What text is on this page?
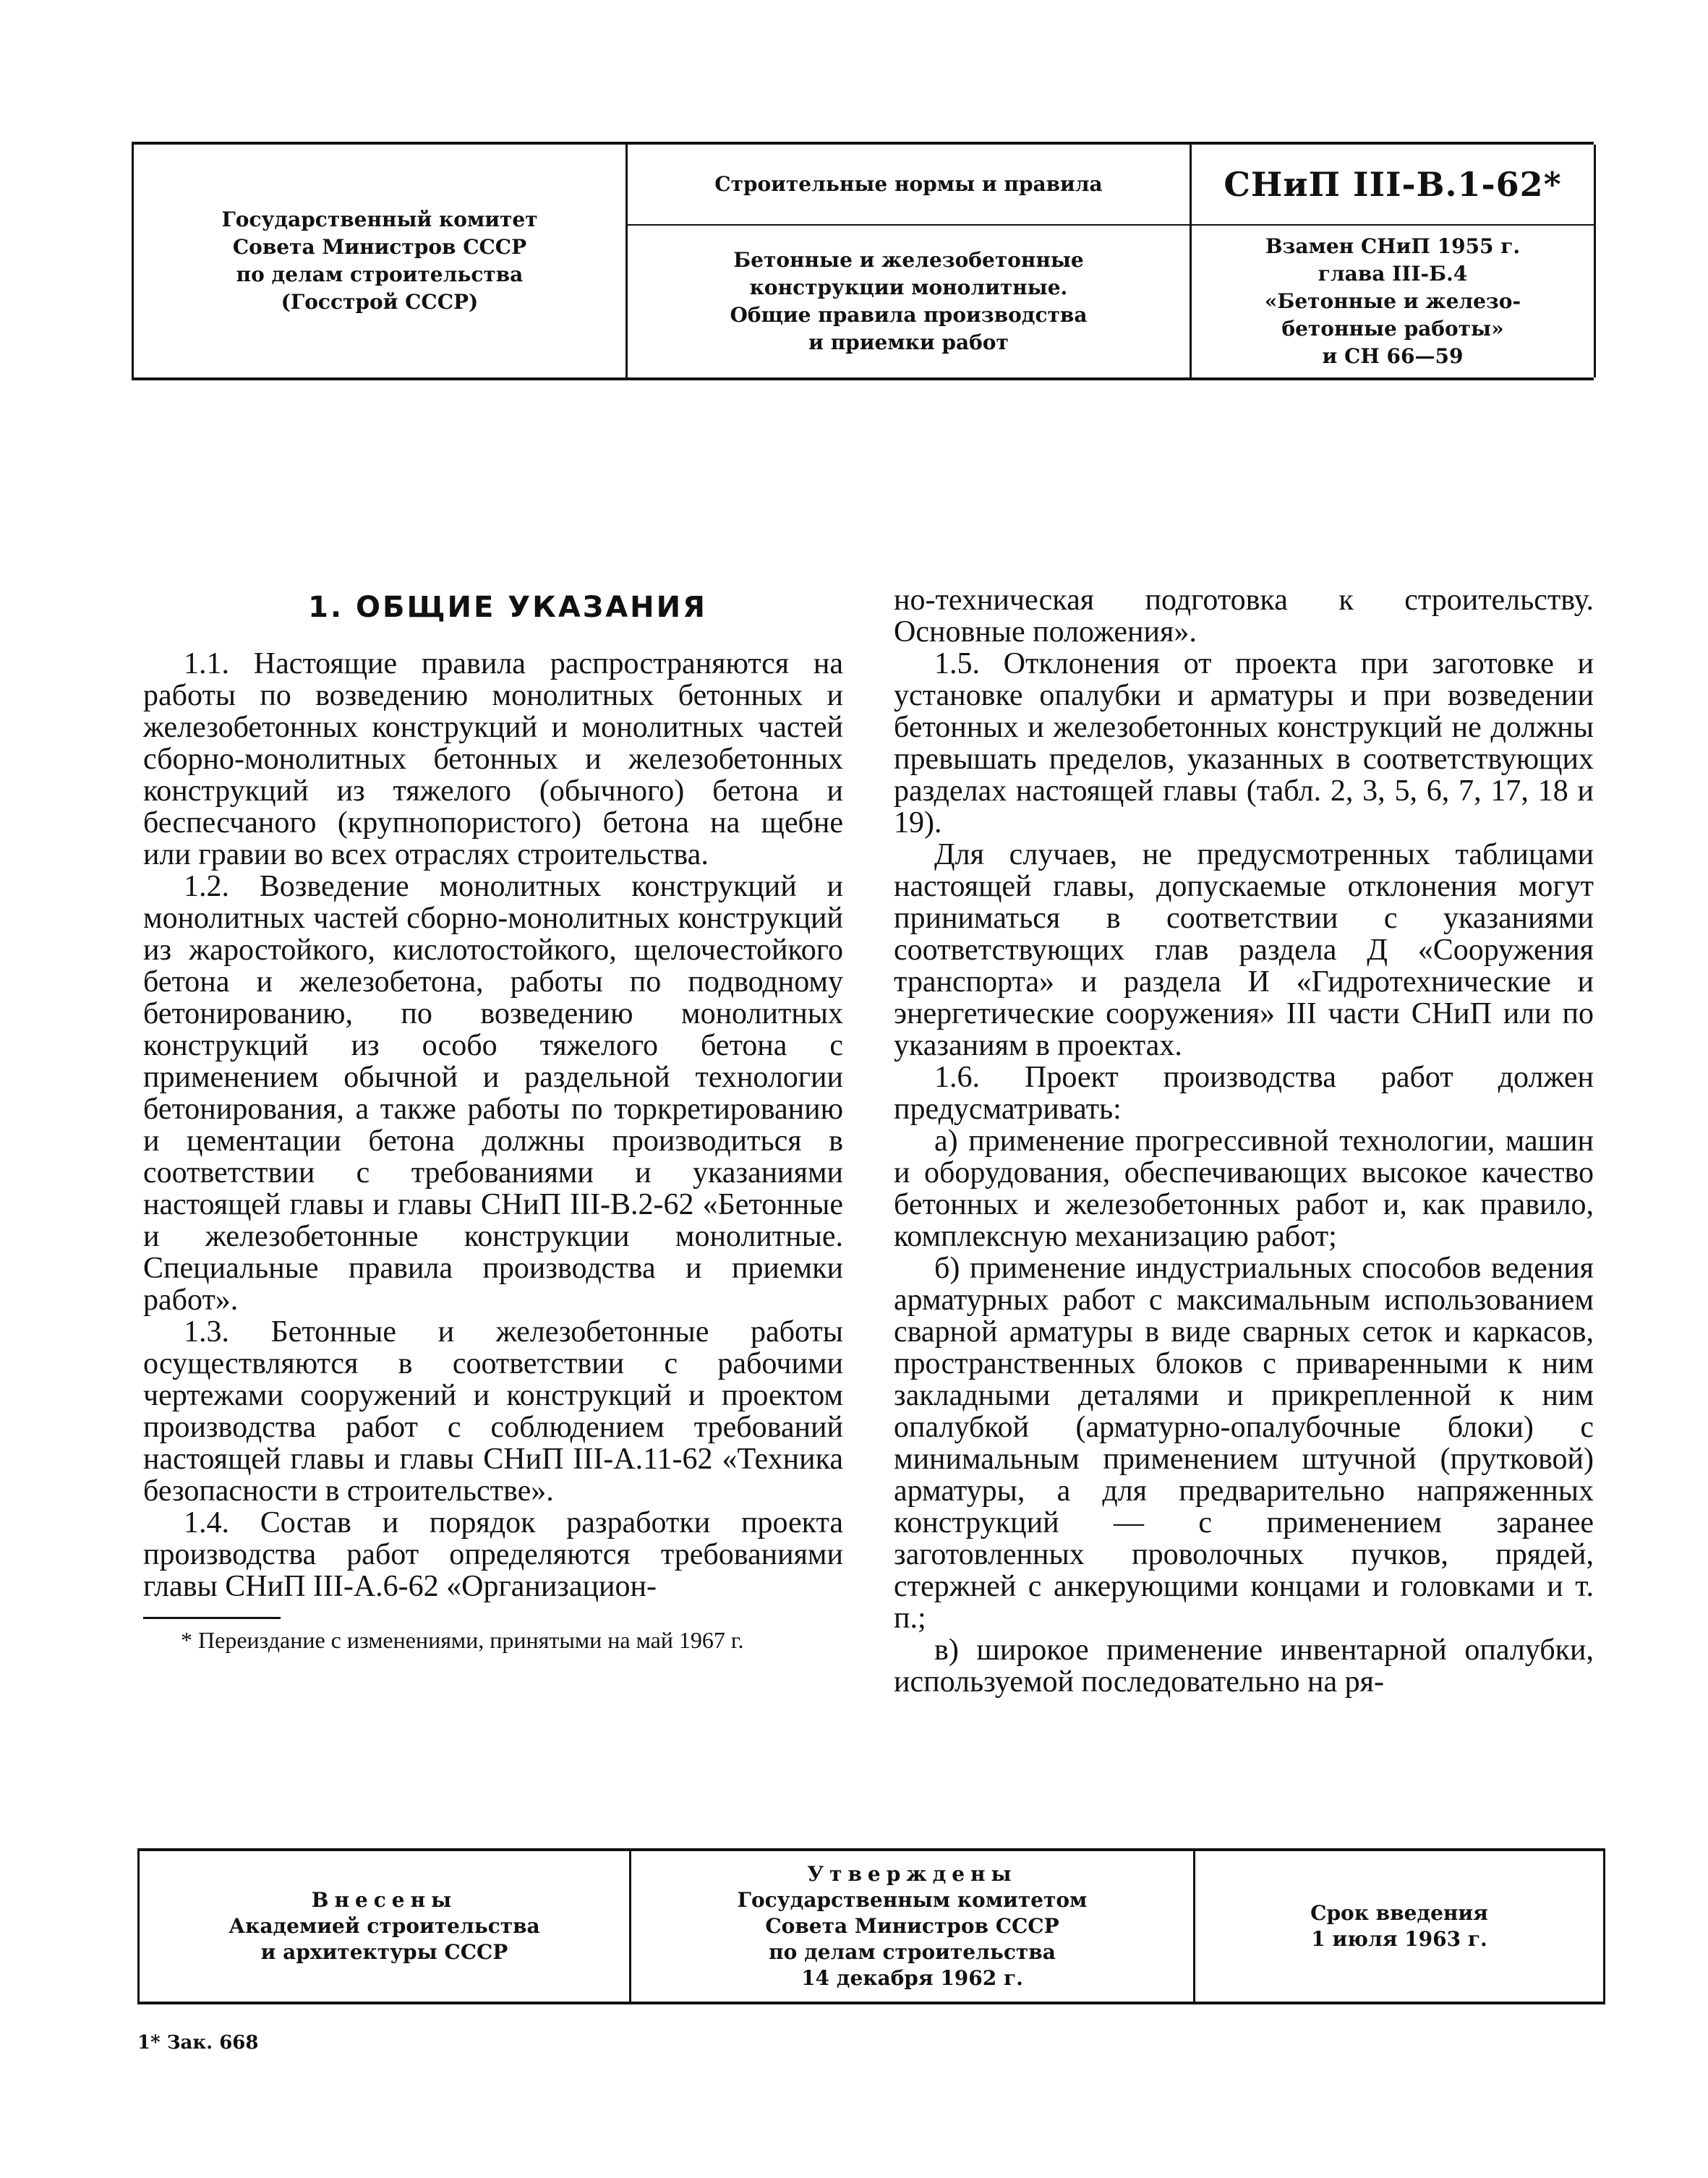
Государственный комитет
Совета Министров СССР
по делам строительства
(Госстрой СССР)
Строительные нормы и правила
Бетонные и железобетонные
конструкции монолитные.
Общие правила производства
и приемки работ
СНиП III-В.1-62*
Взамен СНиП 1955 г.
глава III-Б.4
«Бетонные и железо-
бетонные работы»
и СН 66—59
1. ОБЩИЕ УКАЗАНИЯ

1.1. Настоящие правила распространяются на работы по возведению монолитных бетонных и железобетонных конструкций и монолитных частей сборно-монолитных бетонных и железобетонных конструкций из тяжелого (обычного) бетона и беспесчаного (крупнопористого) бетона на щебне или гравии во всех отраслях строительства.

1.2. Возведение монолитных конструкций и монолитных частей сборно-монолитных конструкций из жаростойкого, кислотостойкого, щелочестойкого бетона и железобетона, работы по подводному бетонированию, по возведению монолитных конструкций из особо тяжелого бетона с применением обычной и раздельной технологии бетонирования, а также работы по торкретированию и цементации бетона должны производиться в соответствии с требованиями и указаниями настоящей главы и главы СНиП III-В.2-62 «Бетонные и железобетонные конструкции монолитные. Специальные правила производства и приемки работ».

1.3. Бетонные и железобетонные работы осуществляются в соответствии с рабочими чертежами сооружений и конструкций и проектом производства работ с соблюдением требований настоящей главы и главы СНиП III-А.11-62 «Техника безопасности в строительстве».

1.4. Состав и порядок разработки проекта производства работ определяются требованиями главы СНиП III-А.6-62 «Организацион-

* Переиздание с изменениями, принятыми на май 1967 г.

но-техническая подготовка к строительству. Основные положения».

1.5. Отклонения от проекта при заготовке и установке опалубки и арматуры и при возведении бетонных и железобетонных конструкций не должны превышать пределов, указанных в соответствующих разделах настоящей главы (табл. 2, 3, 5, 6, 7, 17, 18 и 19).

Для случаев, не предусмотренных таблицами настоящей главы, допускаемые отклонения могут приниматься в соответствии с указаниями соответствующих глав раздела Д «Сооружения транспорта» и раздела И «Гидротехнические и энергетические сооружения» III части СНиП или по указаниям в проектах.

1.6. Проект производства работ должен предусматривать:

а) применение прогрессивной технологии, машин и оборудования, обеспечивающих высокое качество бетонных и железобетонных работ и, как правило, комплексную механизацию работ;

б) применение индустриальных способов ведения арматурных работ с максимальным использованием сварной арматуры в виде сварных сеток и каркасов, пространственных блоков с приваренными к ним закладными деталями и прикрепленной к ним опалубкой (арматурно-опалубочные блоки) с минимальным применением штучной (прутковой) арматуры, а для предварительно напряженных конструкций — с применением заранее заготовленных проволочных пучков, прядей, стержней с анкерующими концами и головками и т. п.;

в) широкое применение инвентарной опалубки, используемой последовательно на ря-

Внесены
Академией строительства
и архитектуры СССР
Утверждены
Государственным комитетом
Совета Министров СССР
по делам строительства
14 декабря 1962 г.
Срок введения
1 июля 1963 г.
1* Зак. 668
